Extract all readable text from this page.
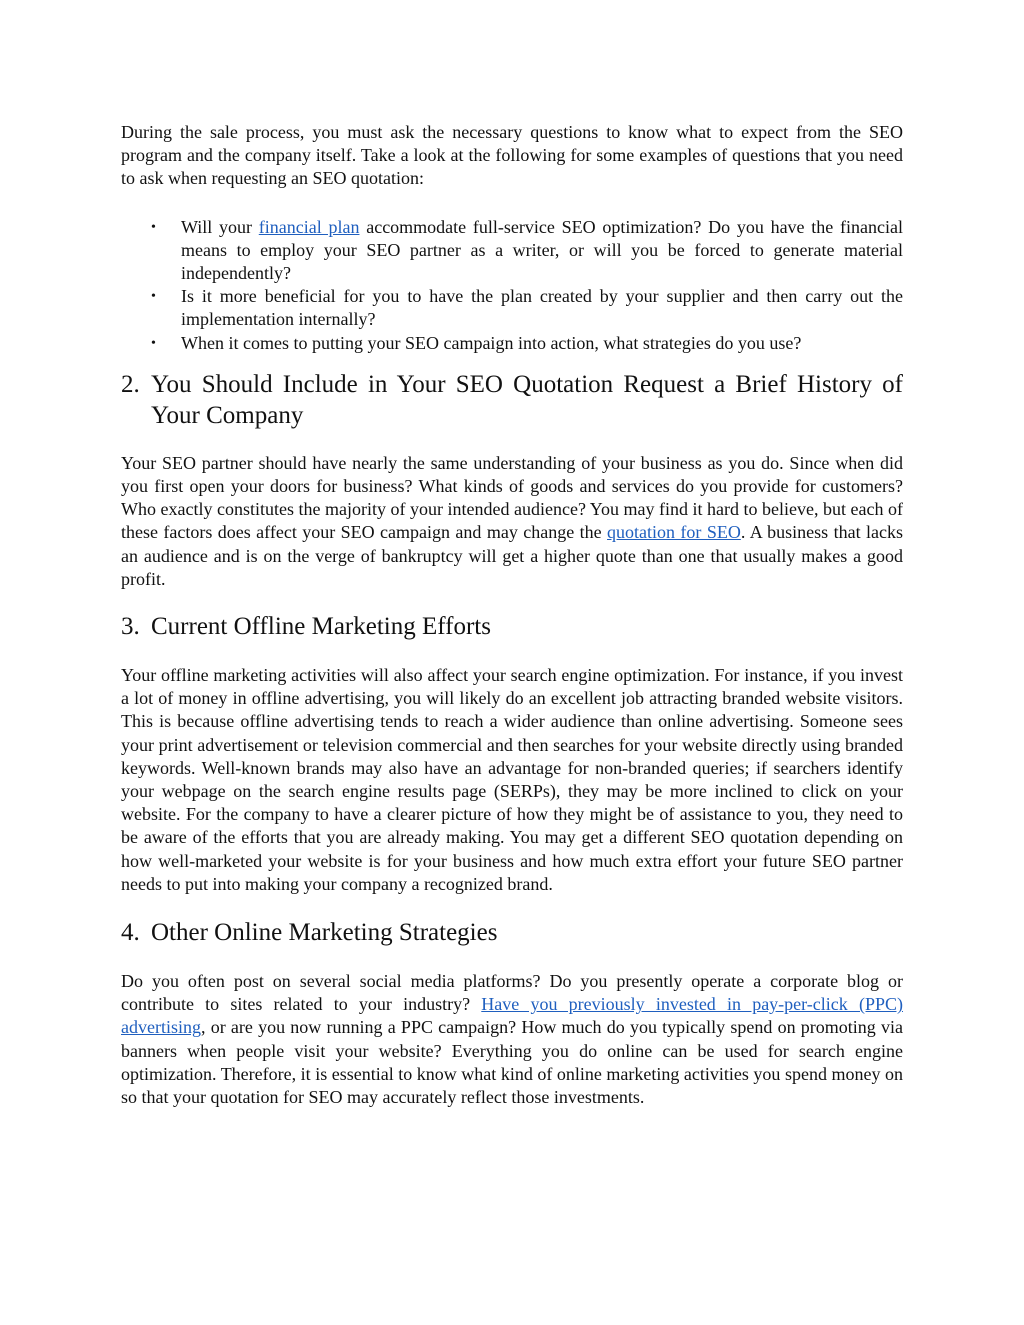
During the sale process, you must ask the necessary questions to know what to expect from the SEO program and the company itself. Take a look at the following for some examples of questions that you need to ask when requesting an SEO quotation:

• Will your financial plan accommodate full-service SEO optimization? Do you have the financial means to employ your SEO partner as a writer, or will you be forced to generate material independently?
• Is it more beneficial for you to have the plan created by your supplier and then carry out the implementation internally?
• When it comes to putting your SEO campaign into action, what strategies do you use?
2. You Should Include in Your SEO Quotation Request a Brief History of Your Company

Your SEO partner should have nearly the same understanding of your business as you do. Since when did you first open your doors for business? What kinds of goods and services do you provide for customers? Who exactly constitutes the majority of your intended audience? You may find it hard to believe, but each of these factors does affect your SEO campaign and may change the quotation for SEO. A business that lacks an audience and is on the verge of bankruptcy will get a higher quote than one that usually makes a good profit.

3. Current Offline Marketing Efforts

Your offline marketing activities will also affect your search engine optimization. For instance, if you invest a lot of money in offline advertising, you will likely do an excellent job attracting branded website visitors. This is because offline advertising tends to reach a wider audience than online advertising. Someone sees your print advertisement or television commercial and then searches for your website directly using branded keywords. Well-known brands may also have an advantage for non-branded queries; if searchers identify your webpage on the search engine results page (SERPs), they may be more inclined to click on your website. For the company to have a clearer picture of how they might be of assistance to you, they need to be aware of the efforts that you are already making. You may get a different SEO quotation depending on how well-marketed your website is for your business and how much extra effort your future SEO partner needs to put into making your company a recognized brand.

4. Other Online Marketing Strategies

Do you often post on several social media platforms? Do you presently operate a corporate blog or contribute to sites related to your industry? Have you previously invested in pay-per-click (PPC) advertising, or are you now running a PPC campaign? How much do you typically spend on promoting via banners when people visit your website? Everything you do online can be used for search engine optimization. Therefore, it is essential to know what kind of online marketing activities you spend money on so that your quotation for SEO may accurately reflect those investments.
